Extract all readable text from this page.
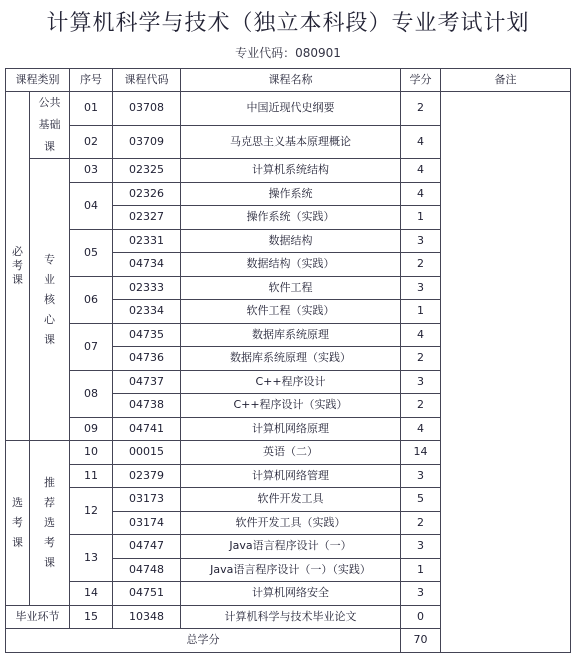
计算机科学与技术（独立本科段）专业考试计划
专业代码：080901
课程类别		序号	课程代码	课程名称	学分	备注
必考课	公共基础课	01	03708	中国近现代史纲要	2	
		02	03709	马克思主义基本原理概论	4	
	专业核心课	03	02325	计算机系统结构	4	
		04	02326	操作系统	4	
			02327	操作系统（实践）	1	
		05	02331	数据结构	3	
			04734	数据结构（实践）	2	
		06	02333	软件工程	3	
			02334	软件工程（实践）	1	
		07	04735	数据库系统原理	4	
			04736	数据库系统原理（实践）	2	
		08	04737	C++程序设计	3	
			04738	C++程序设计（实践）	2	
		09	04741	计算机网络原理	4	
选考课	推荐选考课	10	00015	英语（二）	14	
		11	02379	计算机网络管理	3	
		12	03173	软件开发工具	5	
			03174	软件开发工具（实践）	2	
		13	04747	Java语言程序设计（一）	3	
			04748	Java语言程序设计（一）（实践）	1	
		14	04751	计算机网络安全	3	
毕业环节		15	10348	计算机科学与技术毕业论文	0	
总学分					70	
